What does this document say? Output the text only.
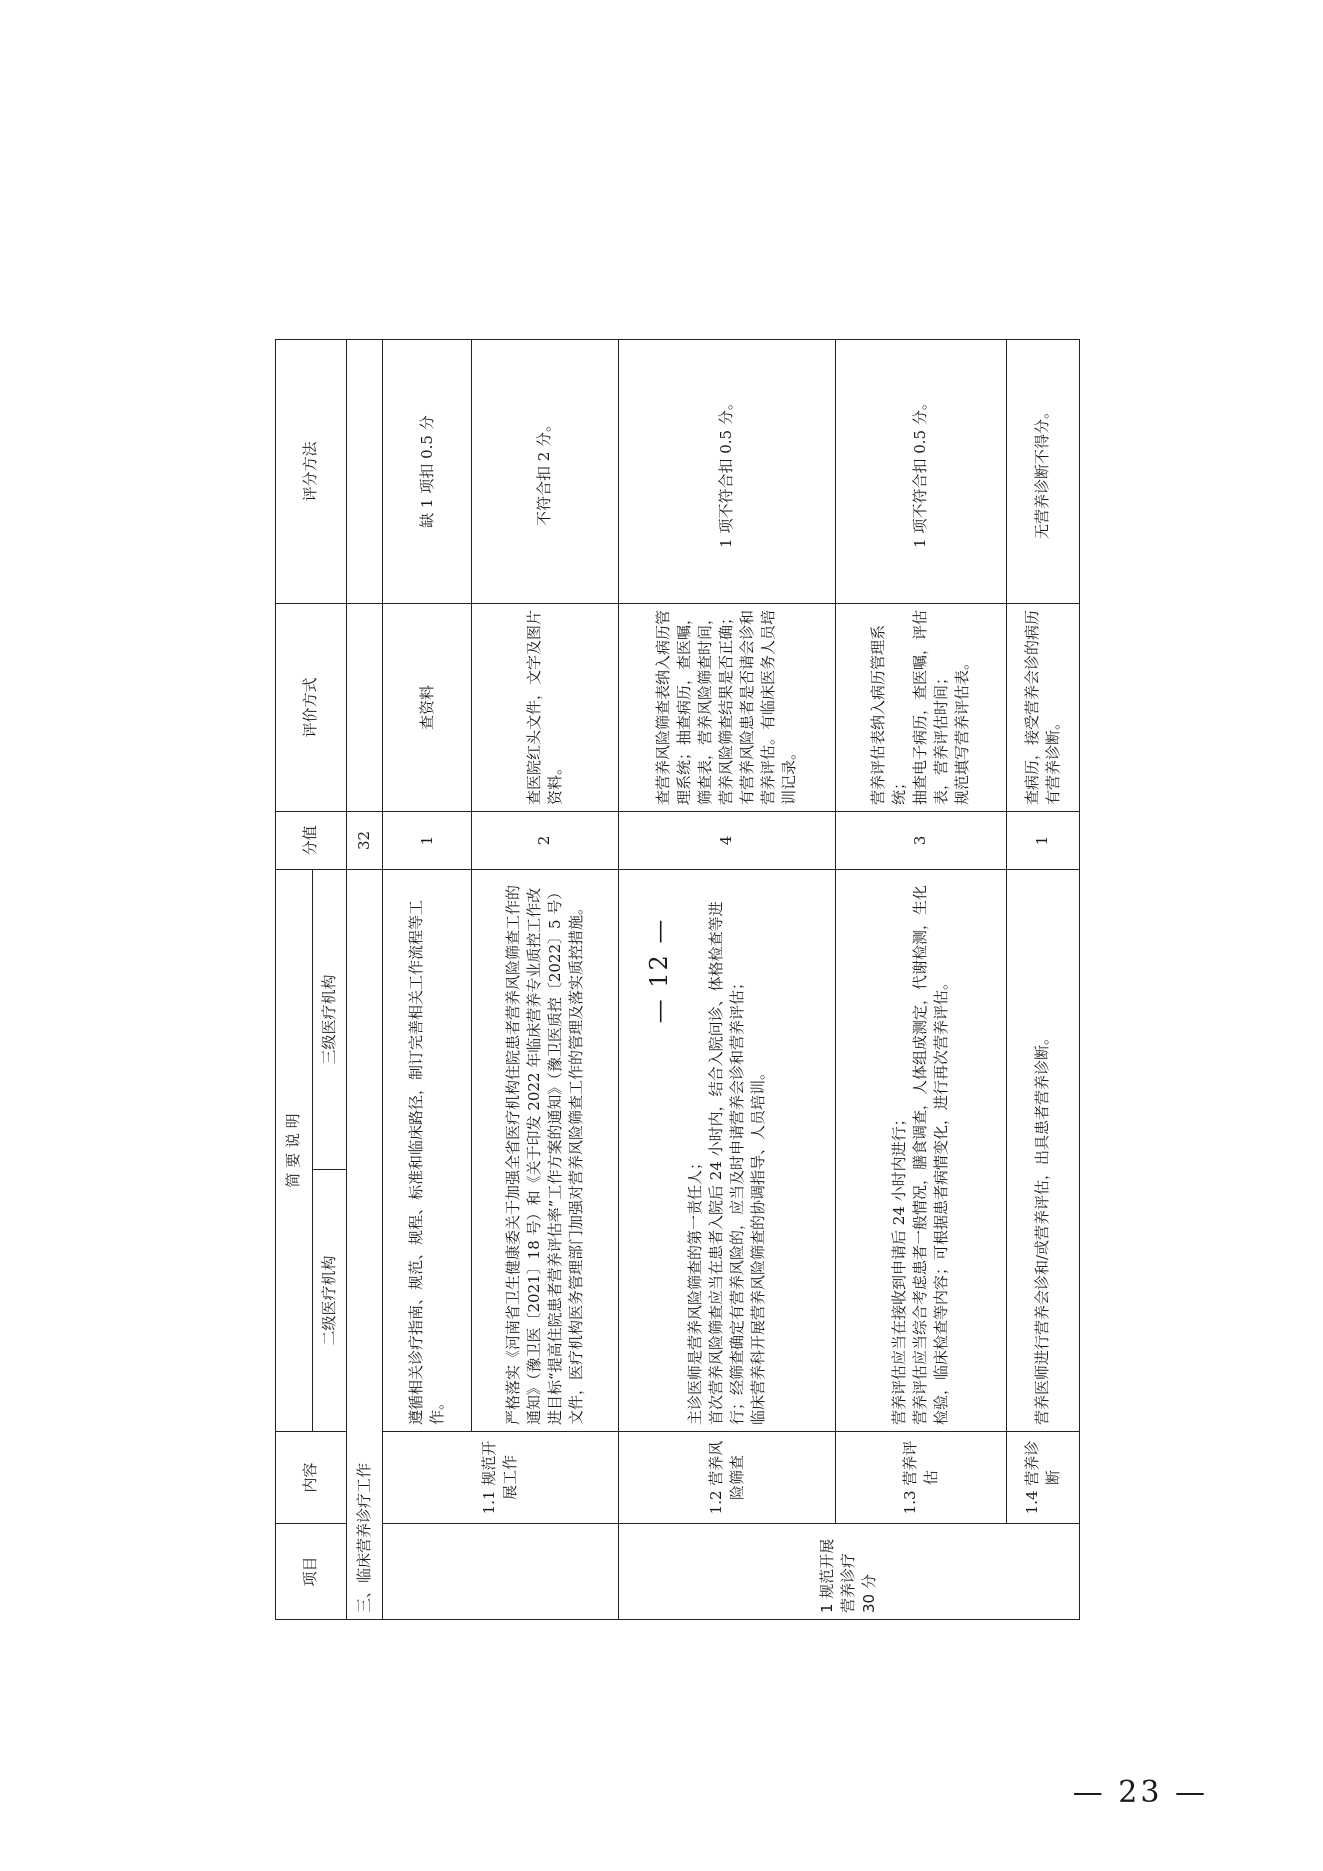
项目	内容	简 要 说 明		分值	评价方式	评分方法
		二级医疗机构	三级医疗机构			
三、临床营养诊疗工作				32		
	1.1 规范开展工作	遵循相关诊疗指南、规范、规程、标准和临床路径，制订完善相关工作流程等工作。		1	查资料	缺 1 项扣 0.5 分
		严格落实《河南省卫生健康委关于加强全省医疗机构住院患者营养风险筛查工作的通知》（豫卫医〔2021〕18 号）和《关于印发 2022 年临床营养专业质控工作改进目标“提高住院患者营养评估率”工作方案的通知》（豫卫医质控〔2022〕5 号）文件，医疗机构医务管理部门加强对营养风险筛查工作的管理及落实质控措施。		2	查医院红头文件，文字及图片资料。	不符合扣 2 分。

1 规范开展 营养诊疗 30 分	1.2 营养风险筛查	主诊医师是营养风险筛查的第一责任人； 首次营养风险筛查应当在患者入院后 24 小时内，结合入院问诊、体格检查等进行；经筛查确定有营养风险的，应当及时申请营养会诊和营养评估； 临床营养科开展营养风险筛查的协调指导、人员培训。		4	查营养风险筛查表纳入病历管理系统；抽查病历，查医嘱，筛查表，营养风险筛查时间，营养风险筛查结果是否正确；有营养风险患者是否请会诊和营养评估。有临床医务人员培训记录。	1 项不符合扣 0.5 分。
	1.3 营养评估	营养评估应当在接收到申请后 24 小时内进行； 营养评估应当综合考虑患者一般情况，膳食调查，人体组成测定，代谢检测，生化检验，临床检查等内容；可根据患者病情变化，进行再次营养评估。		3	营养评估表纳入病历管理系统； 抽查电子病历，查医嘱，评估表，营养评估时间； 规范填写营养评估表。	1 项不符合扣 0.5 分。
	1.4 营养诊断	营养医师进行营养会诊和/或营养评估，出具患者营养诊断。		1	查病历，接受营养会诊的病历有营养诊断。	无营养诊断不得分。
— 12 —
— 23 —
